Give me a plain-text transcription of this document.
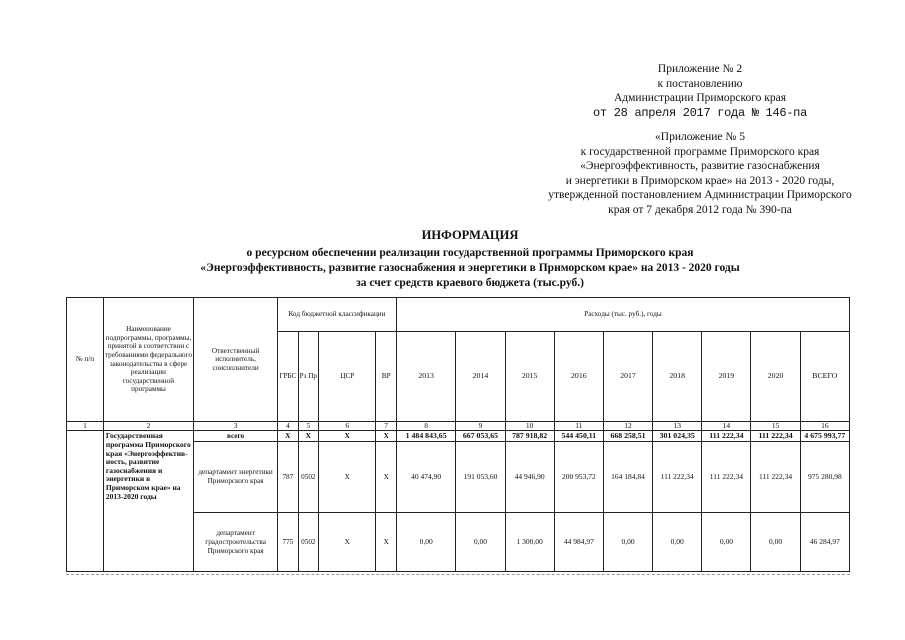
Приложение № 2
к постановлению
Администрации Приморского края
от 28 апреля 2017 года № 146-па
«Приложение № 5
к государственной программе Приморского края
«Энергоэффективность, развитие газоснабжения
и энергетики в Приморском крае» на 2013 - 2020 годы,
утвержденной постановлением Администрации Приморского
края от 7 декабря 2012 года № 390-па
ИНФОРМАЦИЯ
о ресурсном обеспечении реализации государственной программы Приморского края
«Энергоэффективность, развитие газоснабжения и энергетики в Приморском крае» на 2013 - 2020 годы
за счет средств краевого бюджета (тыс.руб.)
№ п/п	Наименование подпрограммы, программы, принятой в соответствии с требованиями федерального законодательства в сфере реализации государственной программы	Ответственный исполнитель, соисполнители	Код бюджетной классификации				Расходы (тыс. руб.), годы								
			ГРБС	Рз Пр	ЦСР	ВР	2013	2014	2015	2016	2017	2018	2019	2020	ВСЕГО
1	2	3	4	5	6	7	8	9	10	11	12	13	14	15	16
	Государственная программа Приморского края «Энергоэффектив-ность, развитие газоснабжения и энергетики в Приморском крае» на 2013-2020 годы	всего	Х	Х	Х	Х	1 484 843,65	667 053,65	787 918,82	544 450,11	668 258,51	301 024,35	111 222,34	111 222,34	4 675 993,77
		департамент энергетики Приморского края	787	0502	Х	Х	40 474,90	191 053,60	44 946,90	200 953,72	164 184,84	111 222,34	111 222,34	111 222,34	975 280,98
		департамент градостроительства Приморского края	775	0502	Х	Х	0,00	0,00	1 300,00	44 984,97	0,00	0,00	0,00	0,00	46 284,97
